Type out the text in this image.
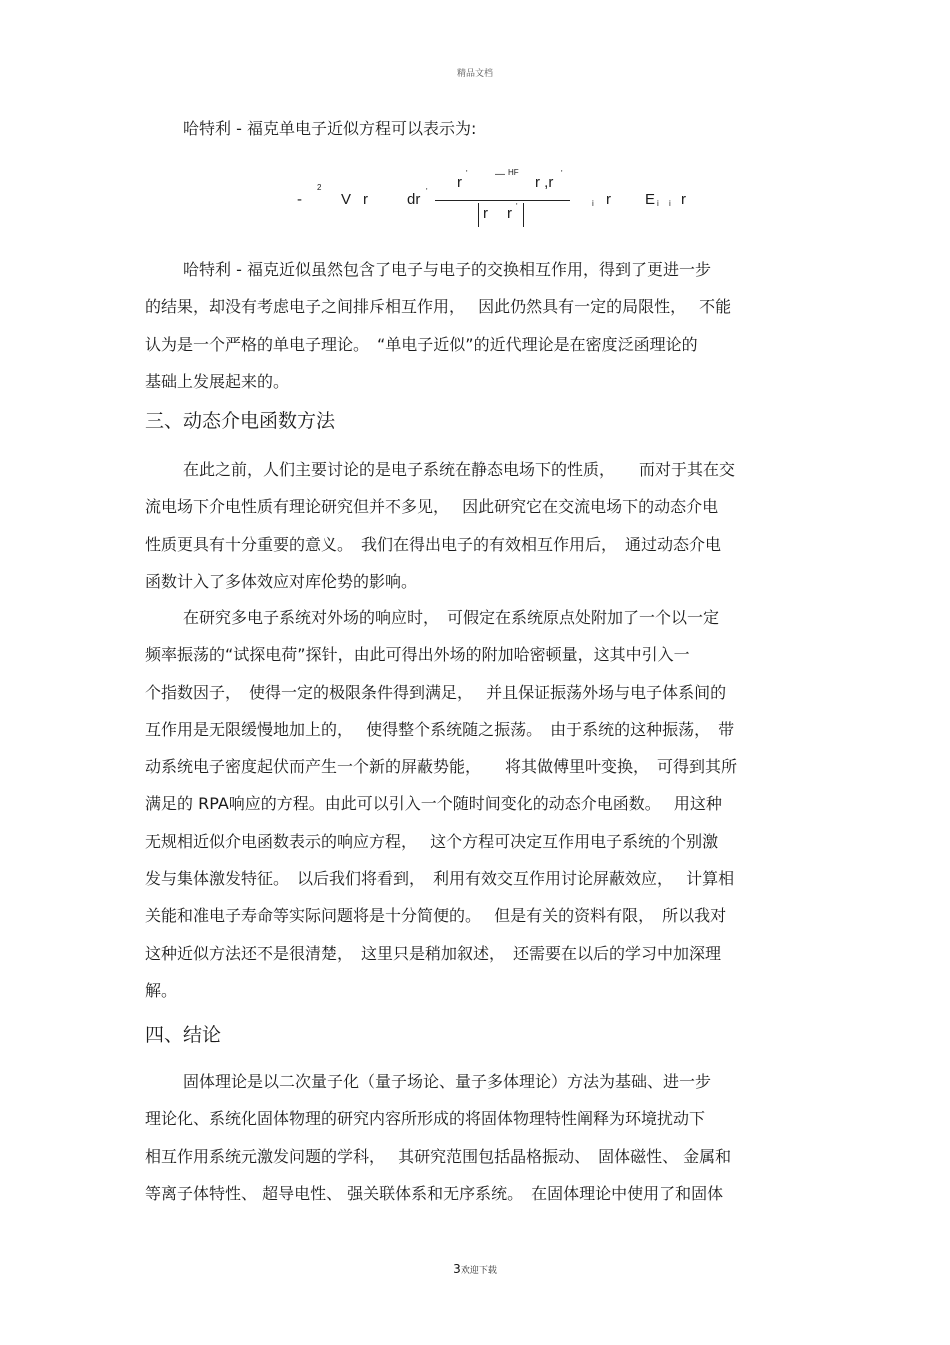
精品文档
哈特利 - 福克单电子近似方程可以表示为:
-
2
V r	dr '
r
'	— HF
r ,r
'
r r '	i r E i i r
哈特利 - 福克近似虽然包含了电子与电子的交换相互作用，得到了更进一步
的结果，却没有考虑电子之间排斥相互作用，　 因此仍然具有一定的局限性，　 不能
认为是一个严格的单电子理论。　“单电子近似”的近代理论是在密度泛函理论的
基础上发展起来的。
三、动态介电函数方法
在此之前，人们主要讨论的是电子系统在静态电场下的性质，　　而对于其在交
流电场下介电性质有理论研究但并不多见，　 因此研究它在交流电场下的动态介电
性质更具有十分重要的意义。　我们在得出电子的有效相互作用后，　通过动态介电
函数计入了多体效应对库伦势的影响。
在研究多电子系统对外场的响应时，　可假定在系统原点处附加了一个以一定
频率振荡的“试探电荷”探针，由此可得出外场的附加哈密顿量，这其中引入一
个指数因子，　使得一定的极限条件得到满足，　 并且保证振荡外场与电子体系间的
互作用是无限缓慢地加上的，　 使得整个系统随之振荡。　由于系统的这种振荡，　带
动系统电子密度起伏而产生一个新的屏蔽势能，　　将其做傅里叶变换，　可得到其所
满足的 RPA响应的方程。由此可以引入一个随时间变化的动态介电函数。　 用这种
无规相近似介电函数表示的响应方程，　 这个方程可决定互作用电子系统的个别激
发与集体激发特征。　以后我们将看到，　利用有效交互作用讨论屏蔽效应，　 计算相
关能和准电子寿命等实际问题将是十分简便的。　 但是有关的资料有限，　所以我对
这种近似方法还不是很清楚，　这里只是稍加叙述，　还需要在以后的学习中加深理
解。
四、结论
固体理论是以二次量子化（量子场论、量子多体理论）方法为基础、进一步
理论化、系统化固体物理的研究内容所形成的将固体物理特性阐释为环境扰动下
相互作用系统元激发问题的学科，　 其研究范围包括晶格振动、　固体磁性、 金属和
等离子体特性、 超导电性、 强关联体系和无序系统。　在固体理论中使用了和固体
3欢迎下载
